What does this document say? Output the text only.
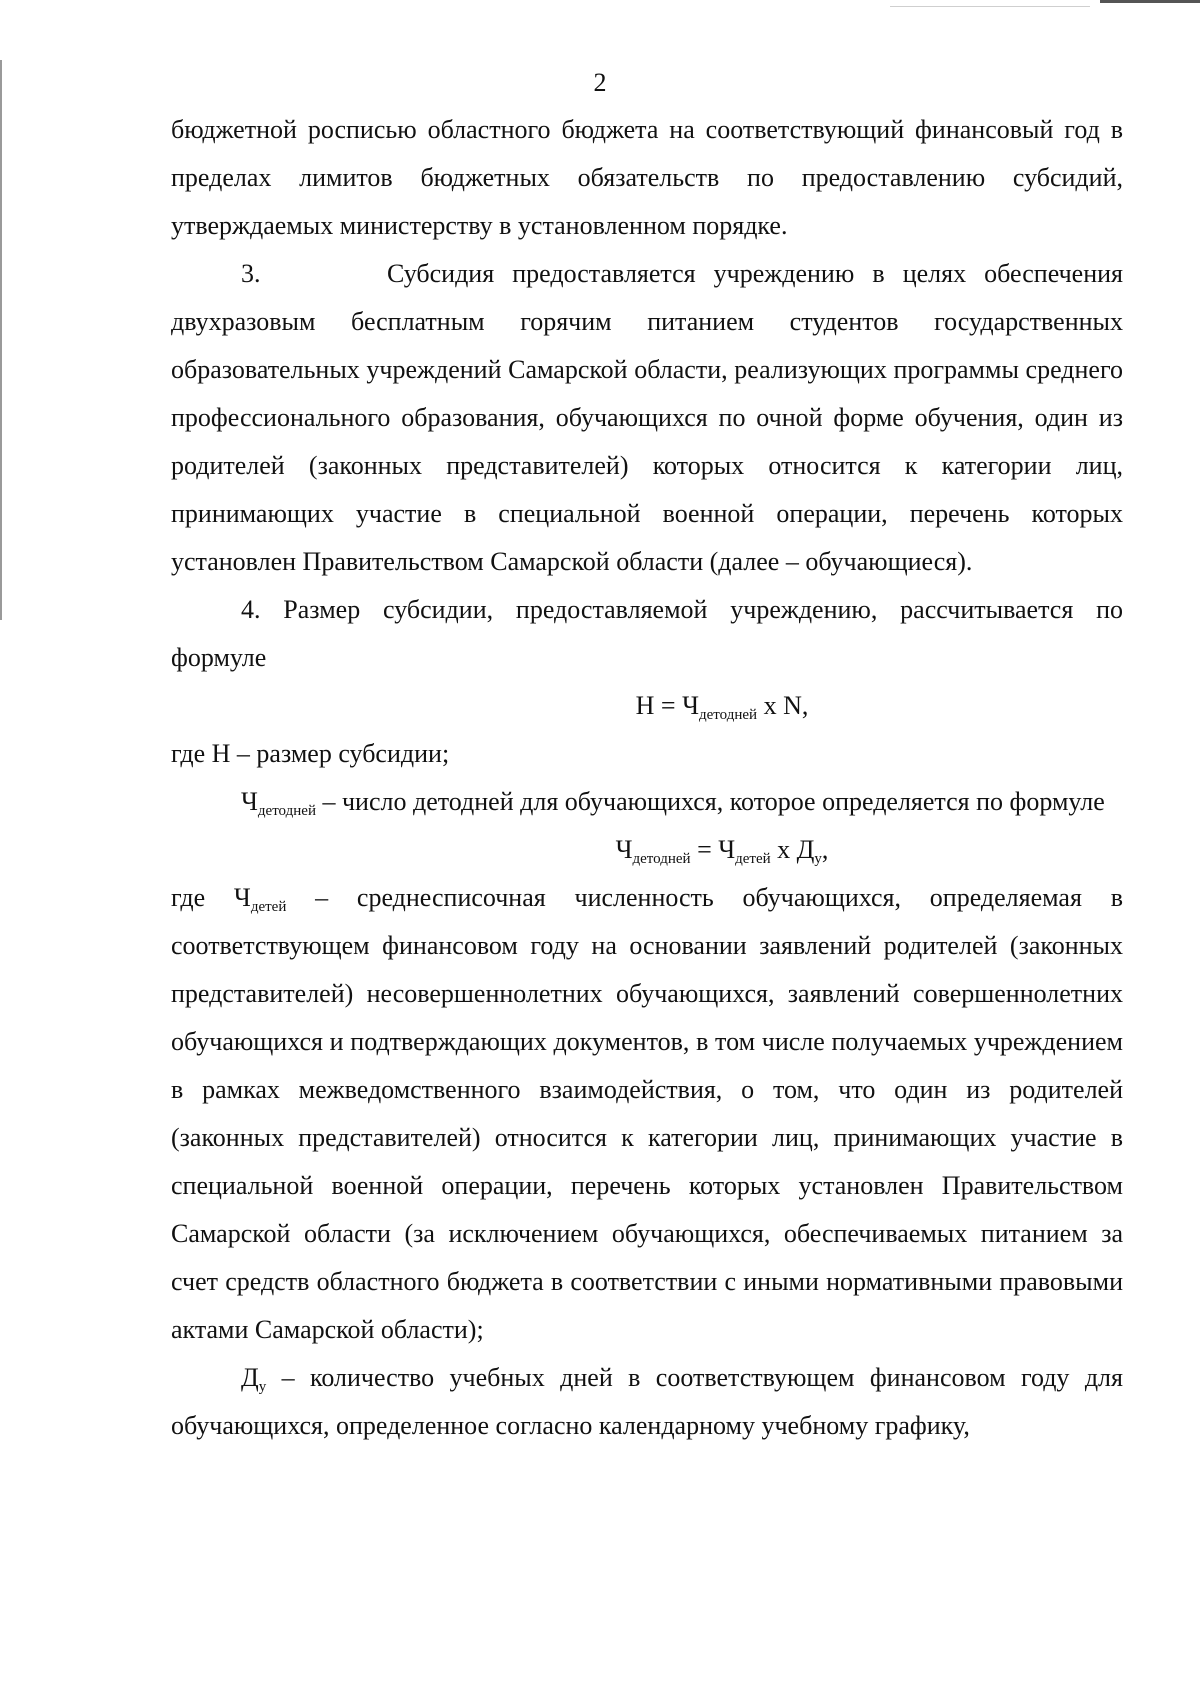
2

бюджетной росписью областного бюджета на соответствующий финансовый год в пределах лимитов бюджетных обязательств по предоставлению субсидий, утверждаемых министерству в установленном порядке.

3.       Субсидия предоставляется учреждению в целях обеспечения двухразовым бесплатным горячим питанием студентов государственных образовательных учреждений Самарской области, реализующих программы среднего профессионального образования, обучающихся по очной форме обучения, один из родителей (законных представителей) которых относится к категории лиц, принимающих участие в специальной военной операции, перечень которых установлен Правительством Самарской области (далее – обучающиеся).

4. Размер субсидии, предоставляемой учреждению, рассчитывается по формуле

$Н = Ч_{детодней}$ х N,

где Н – размер субсидии;

$Ч_{детодней}$ – число детодней для обучающихся, которое определяется по формуле

$Ч_{детодней} = Ч_{детей}$ х $Д_у$,

где $Ч_{детей}$ – среднесписочная численность обучающихся, определяемая в соответствующем финансовом году на основании заявлений родителей (законных представителей) несовершеннолетних обучающихся, заявлений совершеннолетних обучающихся и подтверждающих документов, в том числе получаемых учреждением в рамках межведомственного взаимодействия, о том, что один из родителей (законных представителей) относится к категории лиц, принимающих участие в специальной военной операции, перечень которых установлен Правительством Самарской области (за исключением обучающихся, обеспечиваемых питанием за счет средств областного бюджета в соответствии с иными нормативными правовыми актами Самарской области);

$Д_у$ – количество учебных дней в соответствующем финансовом году для обучающихся, определенное согласно календарному учебному графику,
